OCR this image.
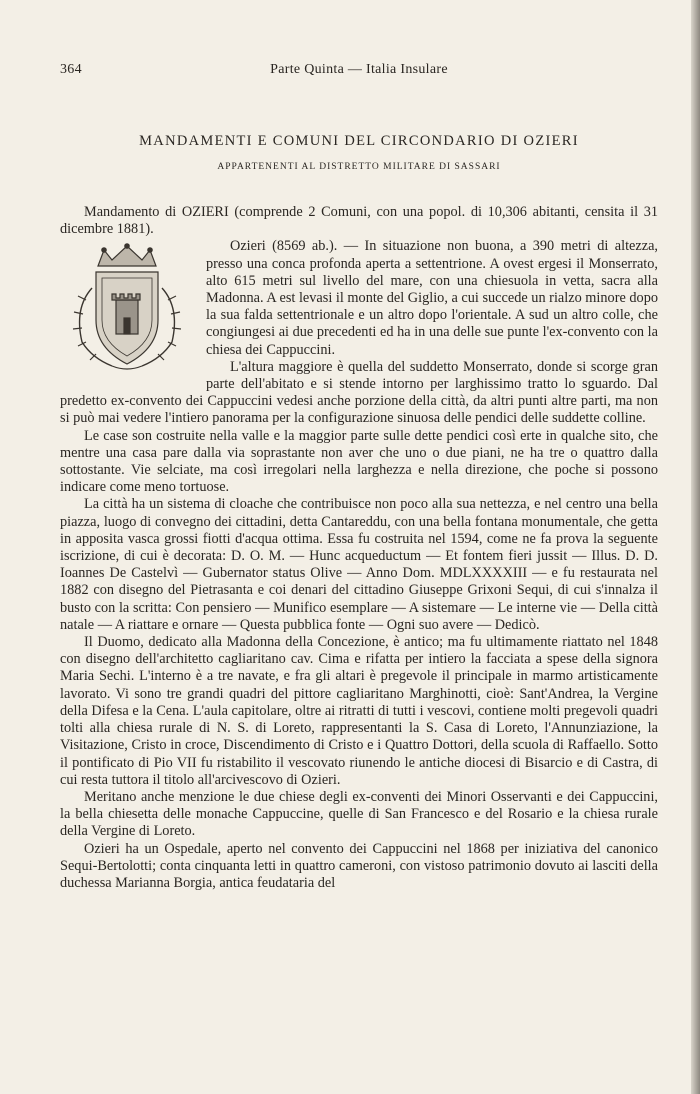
364	Parte Quinta — Italia Insulare
MANDAMENTI E COMUNI DEL CIRCONDARIO DI OZIERI
APPARTENENTI AL DISTRETTO MILITARE DI SASSARI

Mandamento di OZIERI (comprende 2 Comuni, con una popol. di 10,306 abitanti, censita il 31 dicembre 1881).

Ozieri (8569 ab.). — In situazione non buona, a 390 metri di altezza, presso una conca profonda aperta a settentrione. A ovest ergesi il Monserrato, alto 615 metri sul livello del mare, con una chiesuola in vetta, sacra alla Madonna. A est levasi il monte del Giglio, a cui succede un rialzo minore dopo la sua falda settentrionale e un altro dopo l'orientale. A sud un altro colle, che congiungesi ai due precedenti ed ha in una delle sue punte l'ex-convento con la chiesa dei Cappuccini.

L'altura maggiore è quella del suddetto Monserrato, donde si scorge gran parte dell'abitato e si stende intorno per larghissimo tratto lo sguardo. Dal predetto ex-convento dei Cappuccini vedesi anche porzione della città, da altri punti altre parti, ma non si può mai vedere l'intiero panorama per la configurazione sinuosa delle pendici delle suddette colline.

Le case son costruite nella valle e la maggior parte sulle dette pendici così erte in qualche sito, che mentre una casa pare dalla via soprastante non aver che uno o due piani, ne ha tre o quattro dalla sottostante. Vie selciate, ma così irregolari nella larghezza e nella direzione, che poche si possono indicare come meno tortuose.

La città ha un sistema di cloache che contribuisce non poco alla sua nettezza, e nel centro una bella piazza, luogo di convegno dei cittadini, detta Cantareddu, con una bella fontana monumentale, che getta in apposita vasca grossi fiotti d'acqua ottima. Essa fu costruita nel 1594, come ne fa prova la seguente iscrizione, di cui è decorata: D. O. M. — Hunc acqueductum — Et fontem fieri jussit — Illus. D. D. Ioannes De Castelvì — Gubernator status Olive — Anno Dom. MDLXXXXIII — e fu restaurata nel 1882 con disegno del Pietrasanta e coi denari del cittadino Giuseppe Grixoni Sequi, di cui s'innalza il busto con la scritta: Con pensiero — Munifico esemplare — A sistemare — Le interne vie — Della città natale — A riattare e ornare — Questa pubblica fonte — Ogni suo avere — Dedicò.

Il Duomo, dedicato alla Madonna della Concezione, è antico; ma fu ultimamente riattato nel 1848 con disegno dell'architetto cagliaritano cav. Cima e rifatta per intiero la facciata a spese della signora Maria Sechi. L'interno è a tre navate, e fra gli altari è pregevole il principale in marmo artisticamente lavorato. Vi sono tre grandi quadri del pittore cagliaritano Marghinotti, cioè: Sant'Andrea, la Vergine della Difesa e la Cena. L'aula capitolare, oltre ai ritratti di tutti i vescovi, contiene molti pregevoli quadri tolti alla chiesa rurale di N. S. di Loreto, rappresentanti la S. Casa di Loreto, l'Annunziazione, la Visitazione, Cristo in croce, Discendimento di Cristo e i Quattro Dottori, della scuola di Raffaello. Sotto il pontificato di Pio VII fu ristabilito il vescovato riunendo le antiche diocesi di Bisarcio e di Castra, di cui resta tuttora il titolo all'arcivescovo di Ozieri.

Meritano anche menzione le due chiese degli ex-conventi dei Minori Osservanti e dei Cappuccini, la bella chiesetta delle monache Cappuccine, quelle di San Francesco e del Rosario e la chiesa rurale della Vergine di Loreto.

Ozieri ha un Ospedale, aperto nel convento dei Cappuccini nel 1868 per iniziativa del canonico Sequi-Bertolotti; conta cinquanta letti in quattro cameroni, con vistoso patrimonio dovuto ai lasciti della duchessa Marianna Borgia, antica feudataria del
